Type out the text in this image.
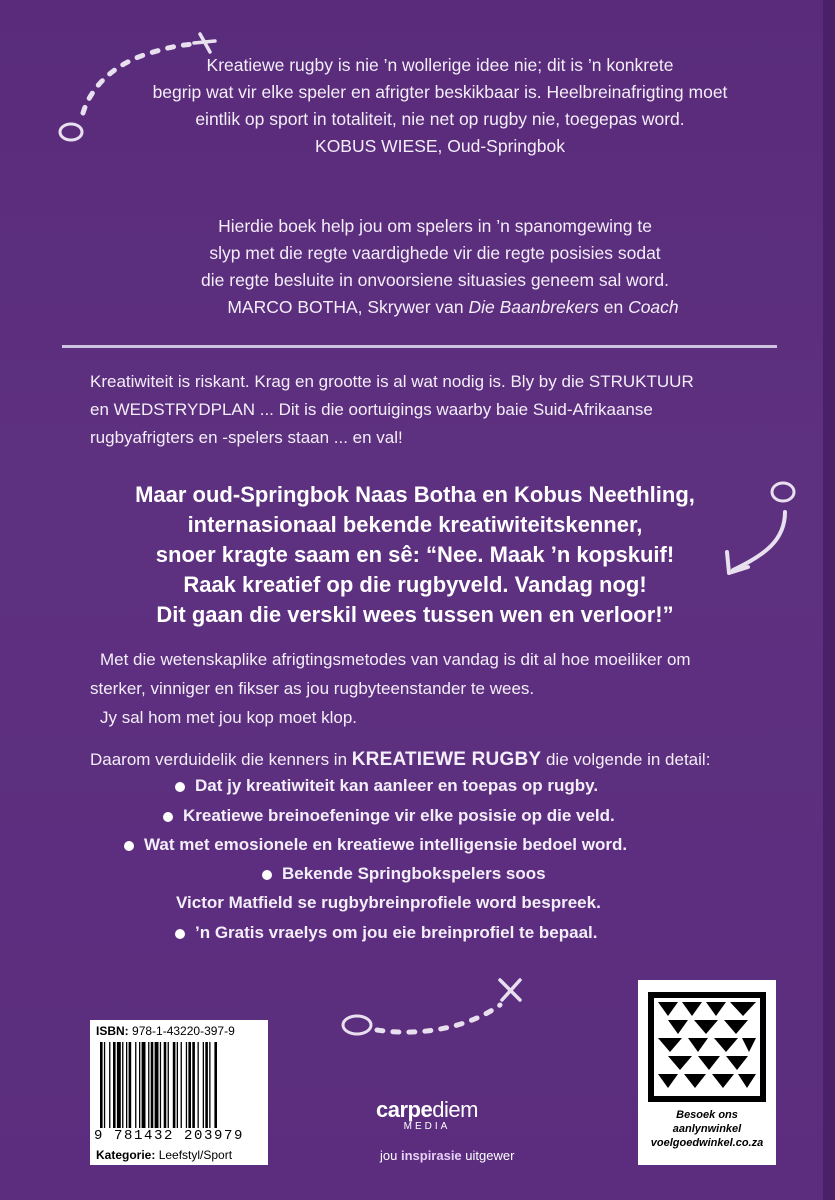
Kreatiewe rugby is nie ’n wollerige idee nie; dit is ’n konkrete
begrip wat vir elke speler en afrigter beskikbaar is. Heelbreinafrigting moet
eintlik op sport in totaliteit, nie net op rugby nie, toegepas word.
KOBUS WIESE, Oud-Springbok
Hierdie boek help jou om spelers in ’n spanomgewing te
slyp met die regte vaardighede vir die regte posisies sodat
die regte besluite in onvoorsiene situasies geneem sal word.
MARCO BOTHA, Skrywer van Die Baanbrekers en Coach
Kreatiwiteit is riskant. Krag en grootte is al wat nodig is. Bly by die STRUKTUUR
en WEDSTRYDPLAN ... Dit is die oortuigings waarby baie Suid-Afrikaanse
rugbyafrigters en -spelers staan ... en val!
Maar oud-Springbok Naas Botha en Kobus Neethling,
internasionaal bekende kreatiwiteitskenner,
snoer kragte saam en sê: “Nee. Maak ’n kopskuif!
Raak kreatief op die rugbyveld. Vandag nog!
Dit gaan die verskil wees tussen wen en verloor!”
Met die wetenskaplike afrigtingsmetodes van vandag is dit al hoe moeiliker om
sterker, vinniger en fikser as jou rugbyteenstander te wees.
Jy sal hom met jou kop moet klop.
Daarom verduidelik die kenners in KREATIEWE RUGBY die volgende in detail:
Dat jy kreatiwiteit kan aanleer en toepas op rugby.
Kreatiewe breinoefeninge vir elke posisie op die veld.
Wat met emosionele en kreatiewe intelligensie bedoel word.
Bekende Springbokspelers soos
Victor Matfield se rugbybreinprofiele word bespreek.
’n Gratis vraelys om jou eie breinprofiel te bepaal.
ISBN: 978-1-43220-397-9
9 781432 203979
Kategorie: Leefstyl/Sport
carpediem
MEDIA
jou inspirasie uitgewer
Besoek ons
aanlynwinkel
voelgoedwinkel.co.za
